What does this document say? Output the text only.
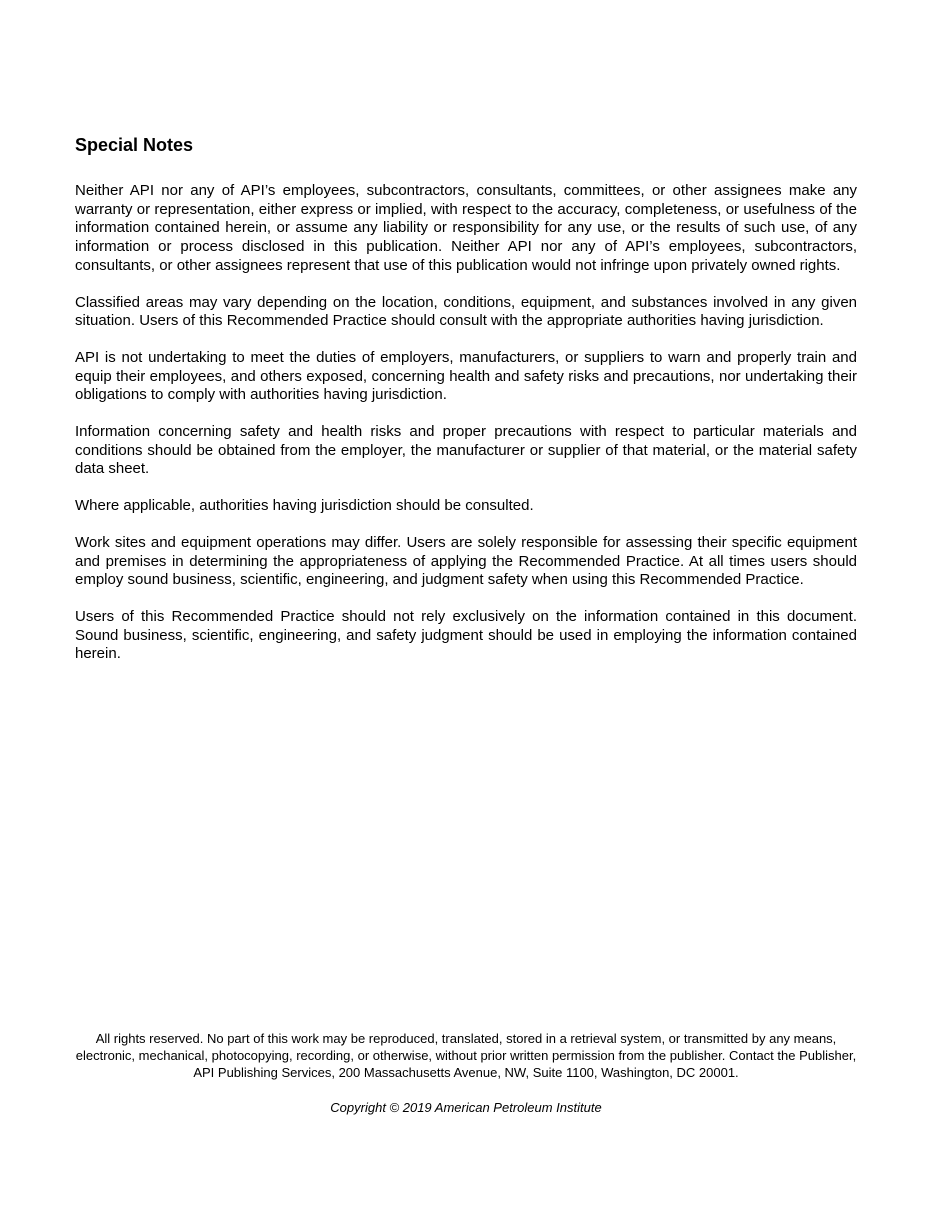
Special Notes

Neither API nor any of API’s employees, subcontractors, consultants, committees, or other assignees make any warranty or representation, either express or implied, with respect to the accuracy, completeness, or usefulness of the information contained herein, or assume any liability or responsibility for any use, or the results of such use, of any information or process disclosed in this publication. Neither API nor any of API’s employees, subcontractors, consultants, or other assignees represent that use of this publication would not infringe upon privately owned rights.

Classified areas may vary depending on the location, conditions, equipment, and substances involved in any given situation. Users of this Recommended Practice should consult with the appropriate authorities having jurisdiction.

API is not undertaking to meet the duties of employers, manufacturers, or suppliers to warn and properly train and equip their employees, and others exposed, concerning health and safety risks and precautions, nor undertaking their obligations to comply with authorities having jurisdiction.

Information concerning safety and health risks and proper precautions with respect to particular materials and conditions should be obtained from the employer, the manufacturer or supplier of that material, or the material safety data sheet.

Where applicable, authorities having jurisdiction should be consulted.

Work sites and equipment operations may differ. Users are solely responsible for assessing their specific equipment and premises in determining the appropriateness of applying the Recommended Practice. At all times users should employ sound business, scientific, engineering, and judgment safety when using this Recommended Practice.

Users of this Recommended Practice should not rely exclusively on the information contained in this document. Sound business, scientific, engineering, and safety judgment should be used in employing the information contained herein.

All rights reserved. No part of this work may be reproduced, translated, stored in a retrieval system, or transmitted by any means, electronic, mechanical, photocopying, recording, or otherwise, without prior written permission from the publisher. Contact the Publisher, API Publishing Services, 200 Massachusetts Avenue, NW, Suite 1100, Washington, DC 20001.

Copyright © 2019 American Petroleum Institute
